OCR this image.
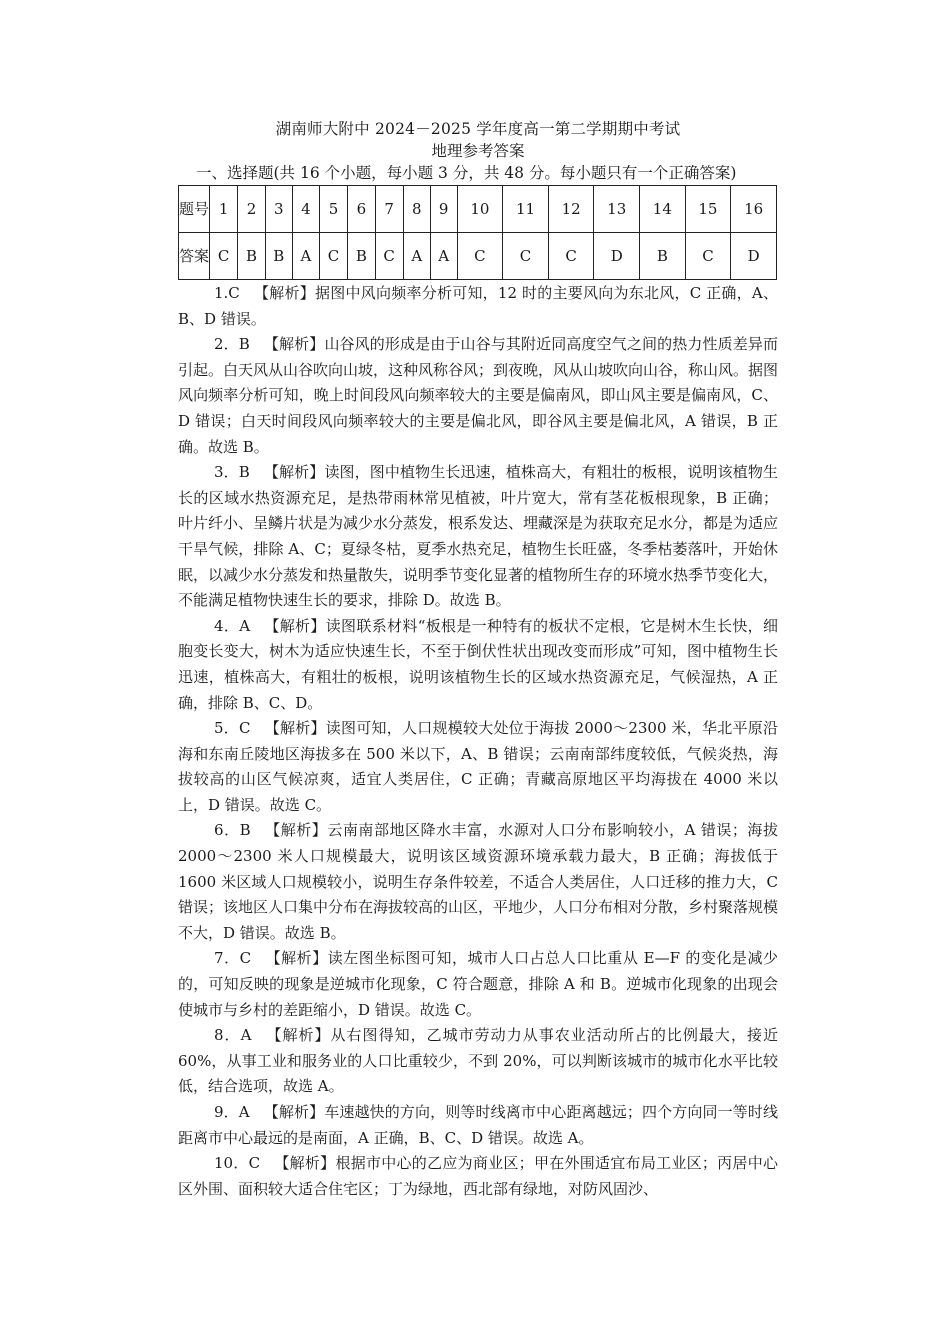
湖南师大附中 2024－2025 学年度高一第二学期期中考试
地理参考答案
一、选择题(共 16 个小题，每小题 3 分，共 48 分。每小题只有一个正确答案)
题号	1	2	3	4	5	6	7	8	9	10	11	12	13	14	15	16
答案	C	B	B	A	C	B	C	A	A	C	C	C	D	B	C	D

1.C 【解析】据图中风向频率分析可知，12 时的主要风向为东北风，C 正确，A、B、D 错误。

2．B 【解析】山谷风的形成是由于山谷与其附近同高度空气之间的热力性质差异而引起。白天风从山谷吹向山坡，这种风称谷风；到夜晚，风从山坡吹向山谷，称山风。据图风向频率分析可知，晚上时间段风向频率较大的主要是偏南风，即山风主要是偏南风，C、D 错误；白天时间段风向频率较大的主要是偏北风，即谷风主要是偏北风，A 错误，B 正确。故选 B。

3．B 【解析】读图，图中植物生长迅速，植株高大，有粗壮的板根，说明该植物生长的区域水热资源充足，是热带雨林常见植被，叶片宽大，常有茎花板根现象，B 正确；叶片纤小、呈鳞片状是为减少水分蒸发，根系发达、埋藏深是为获取充足水分，都是为适应干旱气候，排除 A、C；夏绿冬枯，夏季水热充足，植物生长旺盛，冬季枯萎落叶，开始休眠，以减少水分蒸发和热量散失，说明季节变化显著的植物所生存的环境水热季节变化大，不能满足植物快速生长的要求，排除 D。故选 B。

4．A 【解析】读图联系材料“板根是一种特有的板状不定根，它是树木生长快，细胞变长变大，树木为适应快速生长，不至于倒伏性状出现改变而形成”可知，图中植物生长迅速，植株高大，有粗壮的板根，说明该植物生长的区域水热资源充足，气候湿热，A 正确，排除 B、C、D。

5．C 【解析】读图可知，人口规模较大处位于海拔 2000～2300 米，华北平原沿海和东南丘陵地区海拔多在 500 米以下，A、B 错误；云南南部纬度较低，气候炎热，海拔较高的山区气候凉爽，适宜人类居住，C 正确；青藏高原地区平均海拔在 4000 米以上，D 错误。故选 C。

6．B 【解析】云南南部地区降水丰富，水源对人口分布影响较小，A 错误；海拔 2000～2300 米人口规模最大，说明该区域资源环境承载力最大，B 正确；海拔低于 1600 米区域人口规模较小，说明生存条件较差，不适合人类居住，人口迁移的推力大，C 错误；该地区人口集中分布在海拔较高的山区，平地少，人口分布相对分散，乡村聚落规模不大，D 错误。故选 B。

7．C 【解析】读左图坐标图可知，城市人口占总人口比重从 E—F 的变化是减少的，可知反映的现象是逆城市化现象，C 符合题意，排除 A 和 B。逆城市化现象的出现会使城市与乡村的差距缩小，D 错误。故选 C。

8．A 【解析】从右图得知，乙城市劳动力从事农业活动所占的比例最大，接近 60%，从事工业和服务业的人口比重较少，不到 20%，可以判断该城市的城市化水平比较低，结合选项，故选 A。

9．A 【解析】车速越快的方向，则等时线离市中心距离越远；四个方向同一等时线距离市中心最远的是南面，A 正确，B、C、D 错误。故选 A。

10．C 【解析】根据市中心的乙应为商业区；甲在外围适宜布局工业区；丙居中心区外围、面积较大适合住宅区；丁为绿地，西北部有绿地，对防风固沙、
